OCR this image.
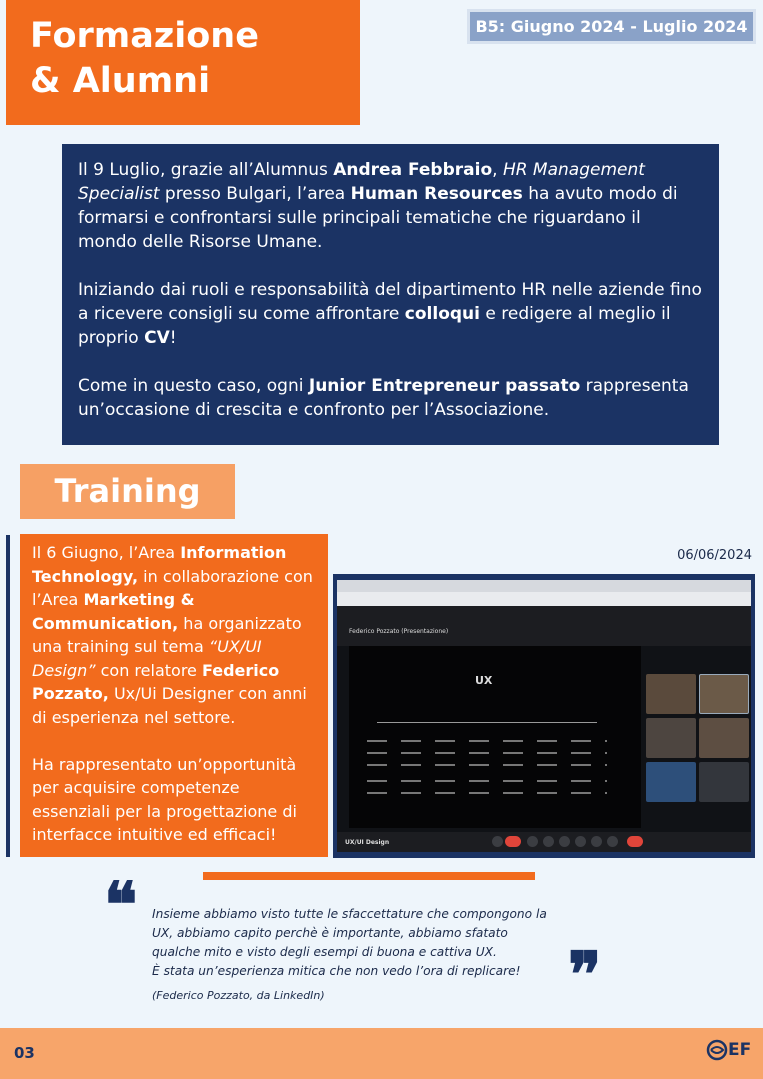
Formazione
& Alumni
B5: Giugno 2024 - Luglio 2024

Il 9 Luglio, grazie all’Alumnus Andrea Febbraio, HR Management Specialist presso Bulgari, l’area Human Resources ha avuto modo di formarsi e confrontarsi sulle principali tematiche che riguardano il mondo delle Risorse Umane.

Iniziando dai ruoli e responsabilità del dipartimento HR nelle aziende fino a ricevere consigli su come affrontare colloqui e redigere al meglio il proprio CV!

Come in questo caso, ogni Junior Entrepreneur passato rappresenta un’occasione di crescita e confronto per l’Associazione.

Training

Il 6 Giugno, l’Area Information Technology, in collaborazione con l’Area Marketing & Communication, ha organizzato una training sul tema “UX/UI Design” con relatore Federico Pozzato, Ux/Ui Designer con anni di esperienza nel settore.

Ha rappresentato un’opportunità per acquisire competenze essenziali per la progettazione di interfacce intuitive ed efficaci!

06/06/2024
Federico Pozzato (Presentazione)
UX
UX/UI Design
❝ Insieme abbiamo visto tutte le sfaccettature che compongono la
UX, abbiamo capito perchè è importante, abbiamo sfatato
qualche mito e visto degli esempi di buona e cattiva UX.
È stata un’esperienza mitica che non vedo l’ora di replicare! ❞
(Federico Pozzato, da LinkedIn)
03	EF
